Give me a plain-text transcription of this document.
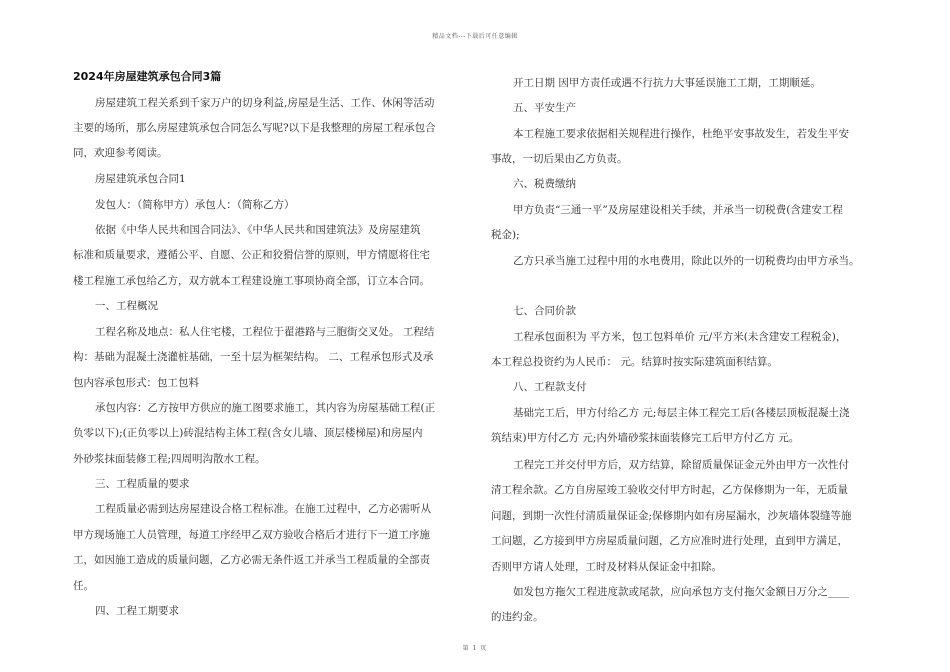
精品文档---下载后可任意编辑
2024年房屋建筑承包合同3篇
房屋建筑工程关系到千家万户的切身利益,房屋是生活、工作、休闲等活动
主要的场所，那么房屋建筑承包合同怎么写呢?以下是我整理的房屋工程承包合
同，欢迎参考阅读。
房屋建筑承包合同1
发包人：（简称甲方）承包人：（简称乙方）
依据《中华人民共和国合同法》、《中华人民共和国建筑法》及房屋建筑
标准和质量要求，遵循公平、自愿、公正和狡猾信誉的原则，甲方情愿将住宅
楼工程施工承包给乙方，双方就本工程建设施工事项协商全部，订立本合同。
一、工程概况
工程名称及地点：私人住宅楼，工程位于翟港路与三胞街交叉处。 工程结
构：基础为混凝土浇灌桩基础，一至十层为框架结构。 二、工程承包形式及承
包内容承包形式：包工包料
承包内容：乙方按甲方供应的施工图要求施工，其内容为房屋基础工程(正
负零以下);(正负零以上)砖混结构主体工程(含女儿墙、顶层楼梯屋)和房屋内
外砂浆抹面装修工程;四周明沟散水工程。
三、工程质量的要求
工程质量必需到达房屋建设合格工程标准。在施工过程中，乙方必需听从
甲方现场施工人员管理，每道工序经甲乙双方验收合格后才进行下一道工序施
工，如因施工造成的质量问题，乙方必需无条件返工并承当工程质量的全部责
任。
四、工程工期要求
开工日期 因甲方责任或遇不行抗力大事延误施工工期，工期顺延。
五、平安生产
本工程施工要求依据相关规程进行操作，杜绝平安事故发生，若发生平安
事故，一切后果由乙方负责。
六、税费缴纳
甲方负责“三通一平”及房屋建设相关手续，并承当一切税费(含建安工程
税金);
乙方只承当施工过程中用的水电费用，除此以外的一切税费均由甲方承当。
七、合同价款
工程承包面积为 平方米，包工包料单价 元/平方米(未含建安工程税金)，
本工程总投资约为人民币： 元。结算时按实际建筑面积结算。
八、工程款支付
基础完工后，甲方付给乙方 元;每层主体工程完工后(各楼层顶板混凝土浇
筑结束)甲方付乙方 元;内外墙砂浆抹面装修完工后甲方付乙方 元。
工程完工并交付甲方后，双方结算，除留质量保证金元外由甲方一次性付
清工程余款。乙方自房屋竣工验收交付甲方时起，乙方保修期为一年，无质量
问题，到期一次性付清质量保证金;保修期内如有房屋漏水，沙灰墙体裂缝等施
工问题，乙方接到甲方房屋质量问题，乙方应准时进行处理，直到甲方满足，
否则甲方请人处理，工时及材料从保证金中扣除。
如发包方拖欠工程进度款或尾款，应向承包方支付拖欠金额日万分之____
的违约金。
第 1 页
